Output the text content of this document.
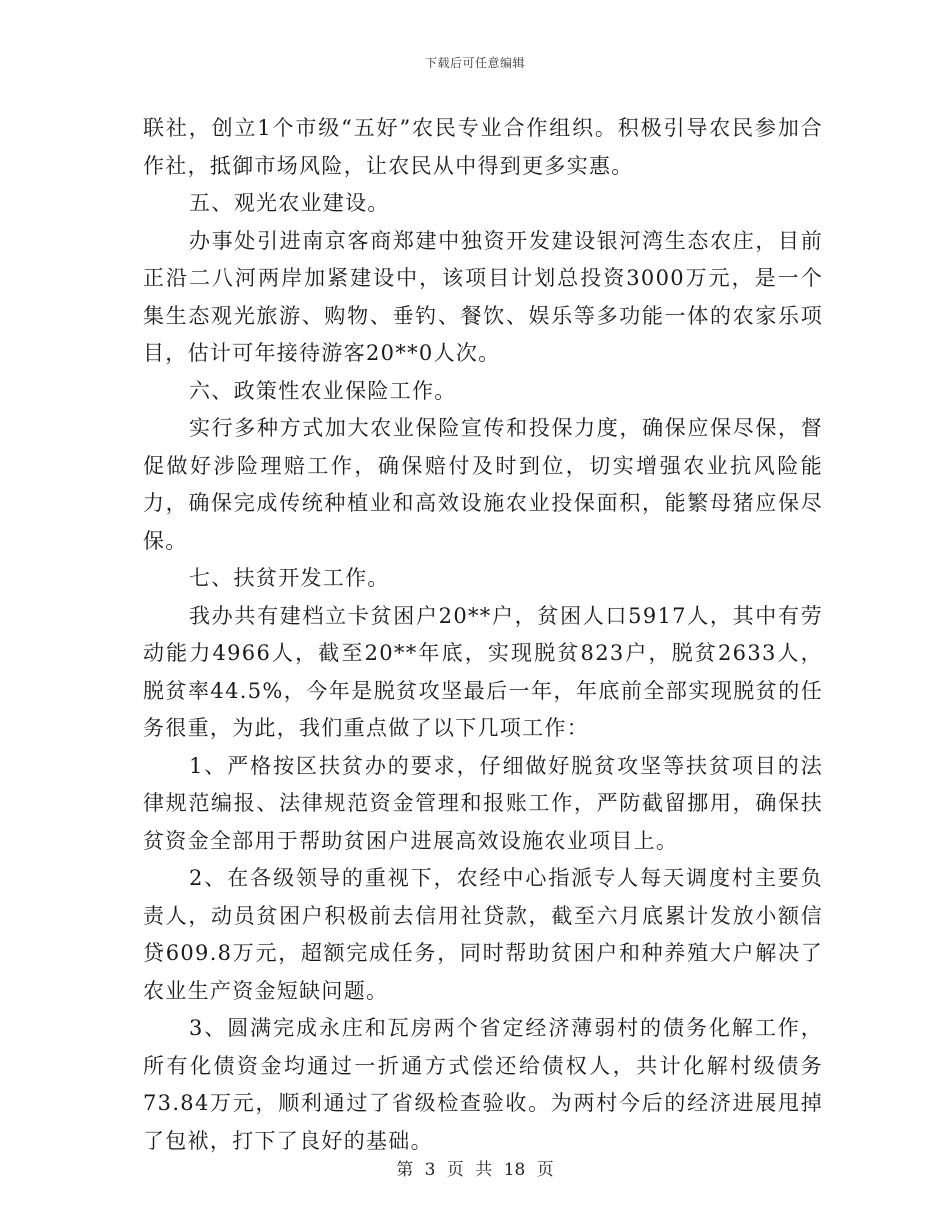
下载后可任意编辑

联社，创立1个市级“五好”农民专业合作组织。积极引导农民参加合作社，抵御市场风险，让农民从中得到更多实惠。

五、观光农业建设。

办事处引进南京客商郑建中独资开发建设银河湾生态农庄，目前正沿二八河两岸加紧建设中，该项目计划总投资3000万元，是一个集生态观光旅游、购物、垂钓、餐饮、娱乐等多功能一体的农家乐项目，估计可年接待游客20**0人次。

六、政策性农业保险工作。

实行多种方式加大农业保险宣传和投保力度，确保应保尽保，督促做好涉险理赔工作，确保赔付及时到位，切实增强农业抗风险能力，确保完成传统种植业和高效设施农业投保面积，能繁母猪应保尽保。

七、扶贫开发工作。

我办共有建档立卡贫困户20**户，贫困人口5917人，其中有劳动能力4966人，截至20**年底，实现脱贫823户，脱贫2633人，脱贫率44.5%，今年是脱贫攻坚最后一年，年底前全部实现脱贫的任务很重，为此，我们重点做了以下几项工作：

1、严格按区扶贫办的要求，仔细做好脱贫攻坚等扶贫项目的法律规范编报、法律规范资金管理和报账工作，严防截留挪用，确保扶贫资金全部用于帮助贫困户进展高效设施农业项目上。

2、在各级领导的重视下，农经中心指派专人每天调度村主要负责人，动员贫困户积极前去信用社贷款，截至六月底累计发放小额信贷609.8万元，超额完成任务，同时帮助贫困户和种养殖大户解决了农业生产资金短缺问题。

3、圆满完成永庄和瓦房两个省定经济薄弱村的债务化解工作，所有化债资金均通过一折通方式偿还给债权人，共计化解村级债务73.84万元，顺利通过了省级检查验收。为两村今后的经济进展甩掉了包袱，打下了良好的基础。

第 3 页 共 18 页
